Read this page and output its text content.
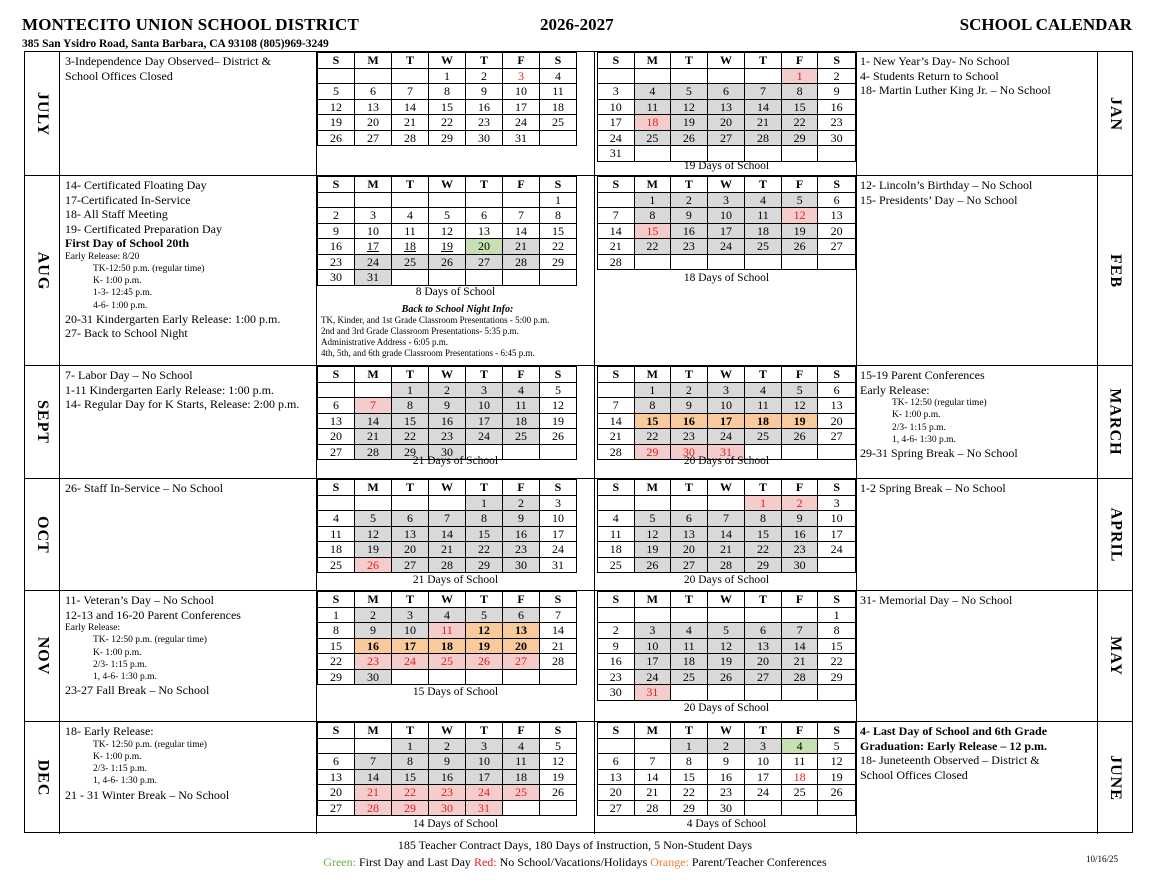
MONTECITO UNION SCHOOL DISTRICT	2026-2027	SCHOOL CALENDAR
385 San Ysidro Road, Santa Barbara, CA 93108 (805)969-3249
JULY
3-Independence Day Observed– District &
School Offices Closed
S	M	T	W	T	F	S
			1	2	3	4
5	6	7	8	9	10	11
12	13	14	15	16	17	18
19	20	21	22	23	24	25
26	27	28	29	30	31	
S	M	T	W	T	F	S
					1	2
3	4	5	6	7	8	9
10	11	12	13	14	15	16
17	18	19	20	21	22	23
24	25	26	27	28	29	30
31						
19 Days of School
1- New Year’s Day- No School
4- Students Return to School
18- Martin Luther King Jr. – No School
JAN
AUG
14- Certificated Floating Day
17-Certificated In-Service
18- All Staff Meeting
19- Certificated Preparation Day
First Day of School 20th
Early Release: 8/20
TK-12:50 p.m. (regular time)
K- 1:00 p.m.
1-3- 12:45 p.m.
4-6- 1:00 p.m.
20-31 Kindergarten Early Release: 1:00 p.m.
27- Back to School Night
S	M	T	W	T	F	S
						1
2	3	4	5	6	7	8
9	10	11	12	13	14	15
16	17	18	19	20	21	22
23	24	25	26	27	28	29
30	31					
8 Days of School
Back to School Night Info:
TK, Kinder, and 1st Grade Classroom Presentations - 5:00 p.m.
2nd and 3rd Grade Classroom Presentations- 5:35 p.m.
Administrative Address - 6:05 p.m.
4th, 5th, and 6th grade Classroom Presentations - 6:45 p.m.
S	M	T	W	T	F	S
	1	2	3	4	5	6
7	8	9	10	11	12	13
14	15	16	17	18	19	20
21	22	23	24	25	26	27
28						
18 Days of School
12- Lincoln’s Birthday – No School
15- Presidents’ Day – No School
FEB
SEPT
7- Labor Day – No School
1-11 Kindergarten Early Release: 1:00 p.m.
14- Regular Day for K Starts, Release: 2:00 p.m.
S	M	T	W	T	F	S
		1	2	3	4	5
6	7	8	9	10	11	12
13	14	15	16	17	18	19
20	21	22	23	24	25	26
27	28	29	30			
21 Days of School
S	M	T	W	T	F	S
	1	2	3	4	5	6
7	8	9	10	11	12	13
14	15	16	17	18	19	20
21	22	23	24	25	26	27
28	29	30	31			
20 Days of School
15-19 Parent Conferences
Early Release:
TK- 12:50 (regular time)
K- 1:00 p.m.
2/3- 1:15 p.m.
1, 4-6- 1:30 p.m.
29-31 Spring Break – No School	MARCH
OCT
26- Staff In-Service – No School	S	M	T	W	T	F	S
				1	2	3
4	5	6	7	8	9	10
11	12	13	14	15	16	17
18	19	20	21	22	23	24
25	26	27	28	29	30	31
21 Days of School
S	M	T	W	T	F	S
				1	2	3
4	5	6	7	8	9	10
11	12	13	14	15	16	17
18	19	20	21	22	23	24
25	26	27	28	29	30	
20 Days of School
1-2 Spring Break – No School
APRIL
NOV
11- Veteran’s Day – No School
12-13 and 16-20 Parent Conferences
Early Release:
TK- 12:50 p.m. (regular time)
K- 1:00 p.m.
2/3- 1:15 p.m.
1, 4-6- 1:30 p.m.
23-27 Fall Break – No School
S	M	T	W	T	F	S
1	2	3	4	5	6	7
8	9	10	11	12	13	14
15	16	17	18	19	20	21
22	23	24	25	26	27	28
29	30					
15 Days of School
S	M	T	W	T	F	S
						1
2	3	4	5	6	7	8
9	10	11	12	13	14	15
16	17	18	19	20	21	22
23	24	25	26	27	28	29
30	31					
20 Days of School
31- Memorial Day – No School
MAY
DEC
18- Early Release:
TK- 12:50 p.m. (regular time)
K- 1:00 p.m.
2/3- 1:15 p.m.
1, 4-6- 1:30 p.m.
21 - 31 Winter Break – No School
S	M	T	W	T	F	S
		1	2	3	4	5
6	7	8	9	10	11	12
13	14	15	16	17	18	19
20	21	22	23	24	25	26
27	28	29	30	31		
14 Days of School
S	M	T	W	T	F	S
		1	2	3	4	5
6	7	8	9	10	11	12
13	14	15	16	17	18	19
20	21	22	23	24	25	26
27	28	29	30			
4 Days of School
4- Last Day of School and 6th Grade
Graduation: Early Release – 12 p.m.
18- Juneteenth Observed – District &
School Offices Closed	JUNE
185 Teacher Contract Days, 180 Days of Instruction, 5 Non-Student Days
Green: First Day and Last Day Red: No School/Vacations/Holidays Orange: Parent/Teacher Conferences	10/16/25
